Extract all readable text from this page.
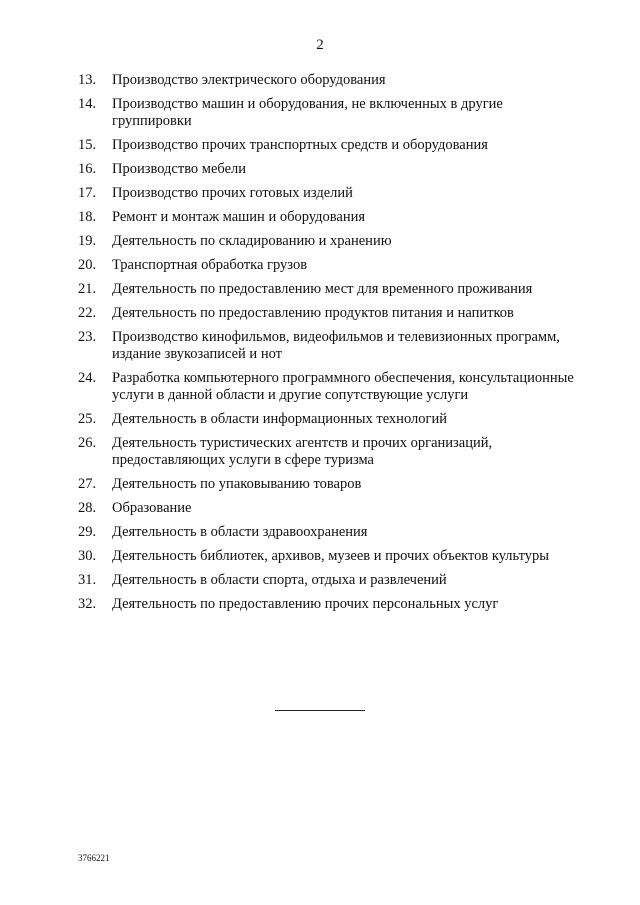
2
13.	Производство электрического оборудования
14.	Производство машин и оборудования, не включенных в другие группировки
15.	Производство прочих транспортных средств и оборудования
16.	Производство мебели
17.	Производство прочих готовых изделий
18.	Ремонт и монтаж машин и оборудования
19.	Деятельность по складированию и хранению
20.	Транспортная обработка грузов
21.	Деятельность по предоставлению мест для временного проживания
22.	Деятельность по предоставлению продуктов питания и напитков
23.	Производство кинофильмов, видеофильмов и телевизионных программ, издание звукозаписей и нот
24.	Разработка компьютерного программного обеспечения, консультационные услуги в данной области и другие сопутствующие услуги
25.	Деятельность в области информационных технологий
26.	Деятельность туристических агентств и прочих организаций, предоставляющих услуги в сфере туризма
27.	Деятельность по упаковыванию товаров
28.	Образование
29.	Деятельность в области здравоохранения
30.	Деятельность библиотек, архивов, музеев и прочих объектов культуры
31.	Деятельность в области спорта, отдыха и развлечений
32.	Деятельность по предоставлению прочих персональных услуг
3766221
